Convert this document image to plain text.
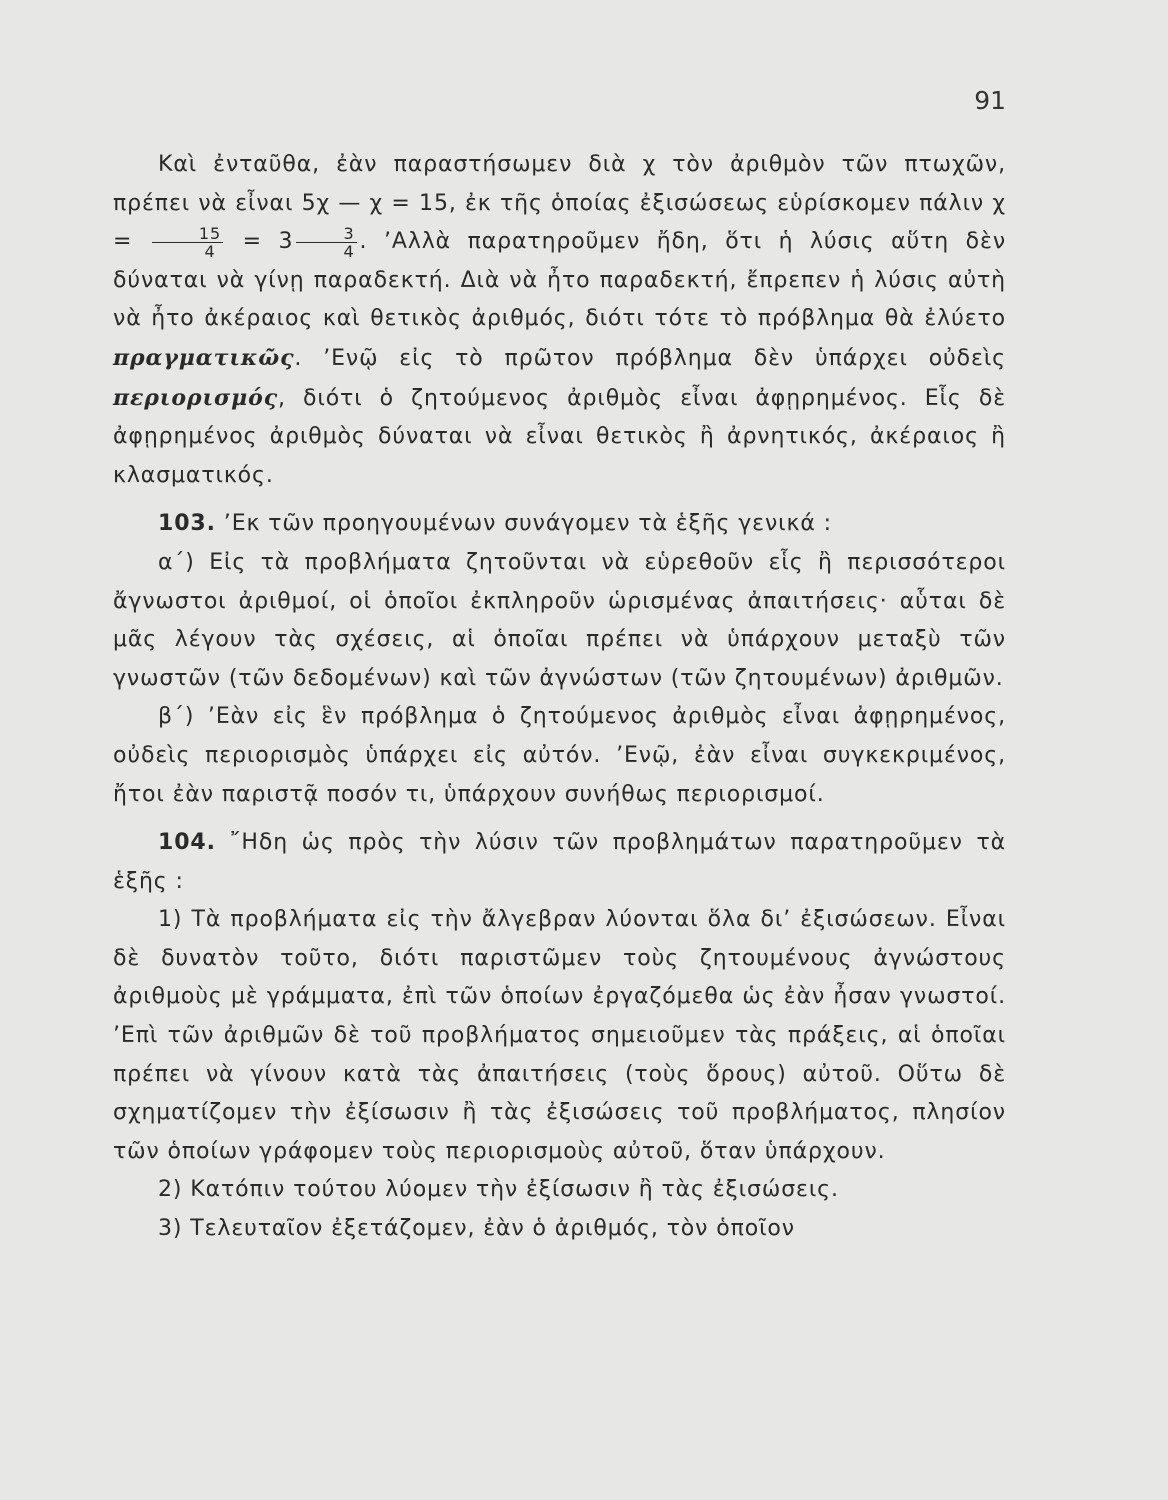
91

Καὶ ἐνταῦθα, ἐὰν παραστήσωμεν διὰ χ τὸν ἀριθμὸν τῶν πτωχῶν, πρέπει νὰ εἶναι 5χ — χ = 15, ἐκ τῆς ὁποίας ἐξισώσεως εὑρίσκομεν πάλιν $\chi = \frac{15}{4} = 3 \frac{3}{4}$ . ’Αλλὰ παρατηροῦμεν ἤδη, ὅτι ἡ λύσις αὕτη δὲν δύναται νὰ γίνῃ παραδεκτή. Διὰ νὰ ἦτο παραδεκτή, ἔπρεπεν ἡ λύσις αὐτὴ νὰ ἦτο ἀκέραιος καὶ θετικὸς ἀριθμός, διότι τότε τὸ πρόβλημα θὰ ἐλύετο πραγματικῶς. ’Ενῷ εἰς τὸ πρῶτον πρόβλημα δὲν ὑπάρχει οὐδεὶς περιορισμός, διότι ὁ ζητούμενος ἀριθμὸς εἶναι ἀφῃρημένος. Εἷς δὲ ἀφῃρημένος ἀριθμὸς δύναται νὰ εἶναι θετικὸς ἢ ἀρνητικός, ἀκέραιος ἢ κλασματικός.

103. ’Εκ τῶν προηγουμένων συνάγομεν τὰ ἑξῆς γενικά :

α΄) Εἰς τὰ προβλήματα ζητοῦνται νὰ εὑρεθοῦν εἷς ἢ περισσότεροι ἄγνωστοι ἀριθμοί, οἱ ὁποῖοι ἐκπληροῦν ὡρισμένας ἀπαιτήσεις· αὗται δὲ μᾶς λέγουν τὰς σχέσεις, αἱ ὁποῖαι πρέπει νὰ ὑπάρχουν μεταξὺ τῶν γνωστῶν (τῶν δεδομένων) καὶ τῶν ἀγνώστων (τῶν ζητουμένων) ἀριθμῶν.

β΄) ’Εὰν εἰς ἓν πρόβλημα ὁ ζητούμενος ἀριθμὸς εἶναι ἀφῃρημένος, οὐδεὶς περιορισμὸς ὑπάρχει εἰς αὐτόν. ’Ενῷ, ἐὰν εἶναι συγκεκριμένος, ἤτοι ἐὰν παριστᾷ ποσόν τι, ὑπάρχουν συνήθως περιορισμοί.

104. ῎Ηδη ὡς πρὸς τὴν λύσιν τῶν προβλημάτων παρατηροῦμεν τὰ ἑξῆς :

1) Τὰ προβλήματα εἰς τὴν ἄλγεβραν λύονται ὅλα δι’ ἐξισώσεων. Εἶναι δὲ δυνατὸν τοῦτο, διότι παριστῶμεν τοὺς ζητουμένους ἀγνώστους ἀριθμοὺς μὲ γράμματα, ἐπὶ τῶν ὁποίων ἐργαζόμεθα ὡς ἐὰν ἦσαν γνωστοί. ’Επὶ τῶν ἀριθμῶν δὲ τοῦ προβλήματος σημειοῦμεν τὰς πράξεις, αἱ ὁποῖαι πρέπει νὰ γίνουν κατὰ τὰς ἀπαιτήσεις (τοὺς ὅρους) αὐτοῦ. Οὕτω δὲ σχηματίζομεν τὴν ἐξίσωσιν ἢ τὰς ἐξισώσεις τοῦ προβλήματος, πλησίον τῶν ὁποίων γράφομεν τοὺς περιορισμοὺς αὐτοῦ, ὅταν ὑπάρχουν.

2) Κατόπιν τούτου λύομεν τὴν ἐξίσωσιν ἢ τὰς ἐξισώσεις.

3) Τελευταῖον ἐξετάζομεν, ἐὰν ὁ ἀριθμός, τὸν ὁποῖον
